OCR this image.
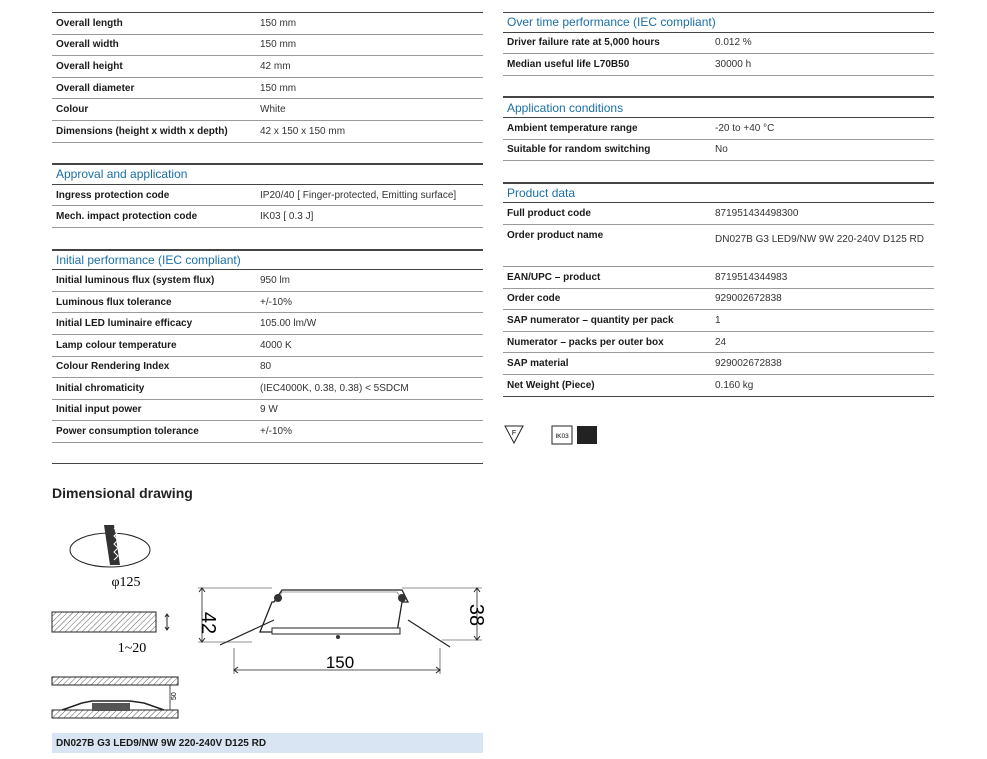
Overall length	150 mm
Overall width	150 mm
Overall height	42 mm
Overall diameter	150 mm
Colour	White
Dimensions (height x width x depth)	42 x 150 x 150 mm
Approval and application
Ingress protection code	IP20/40 [ Finger-protected, Emitting surface]
Mech. impact protection code	IK03 [ 0.3 J]
Initial performance (IEC compliant)
Initial luminous flux (system flux)	950 lm
Luminous flux tolerance	+/-10%
Initial LED luminaire efficacy	105.00 lm/W
Lamp colour temperature	4000 K
Colour Rendering Index	80
Initial chromaticity	(IEC4000K, 0.38, 0.38) < 5SDCM
Initial input power	9 W
Power consumption tolerance	+/-10%
Over time performance (IEC compliant)
Driver failure rate at 5,000 hours	0.012 %
Median useful life L70B50	30000 h
Application conditions
Ambient temperature range	-20 to +40 °C
Suitable for random switching	No
Product data
Full product code	871951434498300
Order product name	DN027B G3 LED9/NW 9W 220-240V D125 RD
EAN/UPC – product	8719514344983
Order code	929002672838
SAP numerator – quantity per pack	1
Numerator – packs per outer box	24
SAP material	929002672838
Net Weight (Piece)	0.160 kg
F	IK03
Dimensional drawing
φ125
1~20
50
42	38
150
DN027B G3 LED9/NW 9W 220-240V D125 RD
